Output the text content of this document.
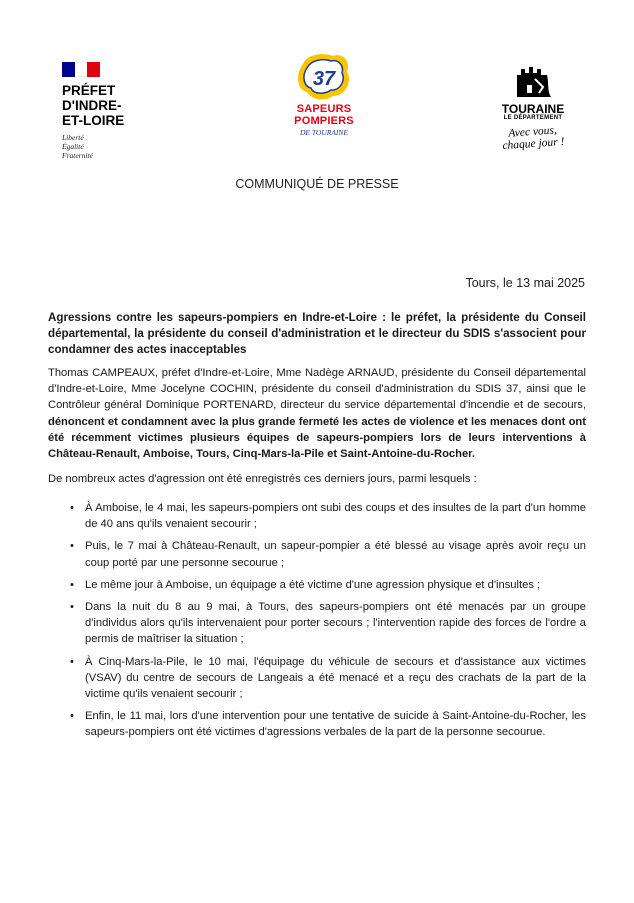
PRÉFET
D'INDRE-
ET-LOIRE
Liberté
Égalité
Fraternité
37
SAPEURS
POMPIERS
DE TOURAINE
TOURAINE
LE DÉPARTEMENT
Avec vous,
chaque jour !
COMMUNIQUÉ DE PRESSE
Tours, le 13 mai 2025
Agressions contre les sapeurs-pompiers en Indre-et-Loire : le préfet, la présidente du Conseil départemental, la présidente du conseil d'administration et le directeur du SDIS s'associent pour condamner des actes inacceptables
Thomas CAMPEAUX, préfet d'Indre-et-Loire, Mme Nadège ARNAUD, présidente du Conseil départemental d'Indre-et-Loire, Mme Jocelyne COCHIN, présidente du conseil d'administration du SDIS 37, ainsi que le Contrôleur général Dominique PORTENARD, directeur du service départemental d'incendie et de secours, dénoncent et condamnent avec la plus grande fermeté les actes de violence et les menaces dont ont été récemment victimes plusieurs équipes de sapeurs-pompiers lors de leurs interventions à Château-Renault, Amboise, Tours, Cinq-Mars-la-Pile et Saint-Antoine-du-Rocher.
De nombreux actes d'agression ont été enregistrés ces derniers jours, parmi lesquels :
• À Amboise, le 4 mai, les sapeurs-pompiers ont subi des coups et des insultes de la part d'un homme de 40 ans qu'ils venaient secourir ;
• Puis, le 7 mai à Château-Renault, un sapeur-pompier a été blessé au visage après avoir reçu un coup porté par une personne secourue ;
• Le même jour à Amboise, un équipage a été victime d'une agression physique et d'insultes ;
• Dans la nuit du 8 au 9 mai, à Tours, des sapeurs-pompiers ont été menacés par un groupe d'individus alors qu'ils intervenaient pour porter secours ; l'intervention rapide des forces de l'ordre a permis de maîtriser la situation ;
• À Cinq-Mars-la-Pile, le 10 mai, l'équipage du véhicule de secours et d'assistance aux victimes (VSAV) du centre de secours de Langeais a été menacé et a reçu des crachats de la part de la victime qu'ils venaient secourir ;
• Enfin, le 11 mai, lors d'une intervention pour une tentative de suicide à Saint-Antoine-du-Rocher, les sapeurs-pompiers ont été victimes d'agressions verbales de la part de la personne secourue.
